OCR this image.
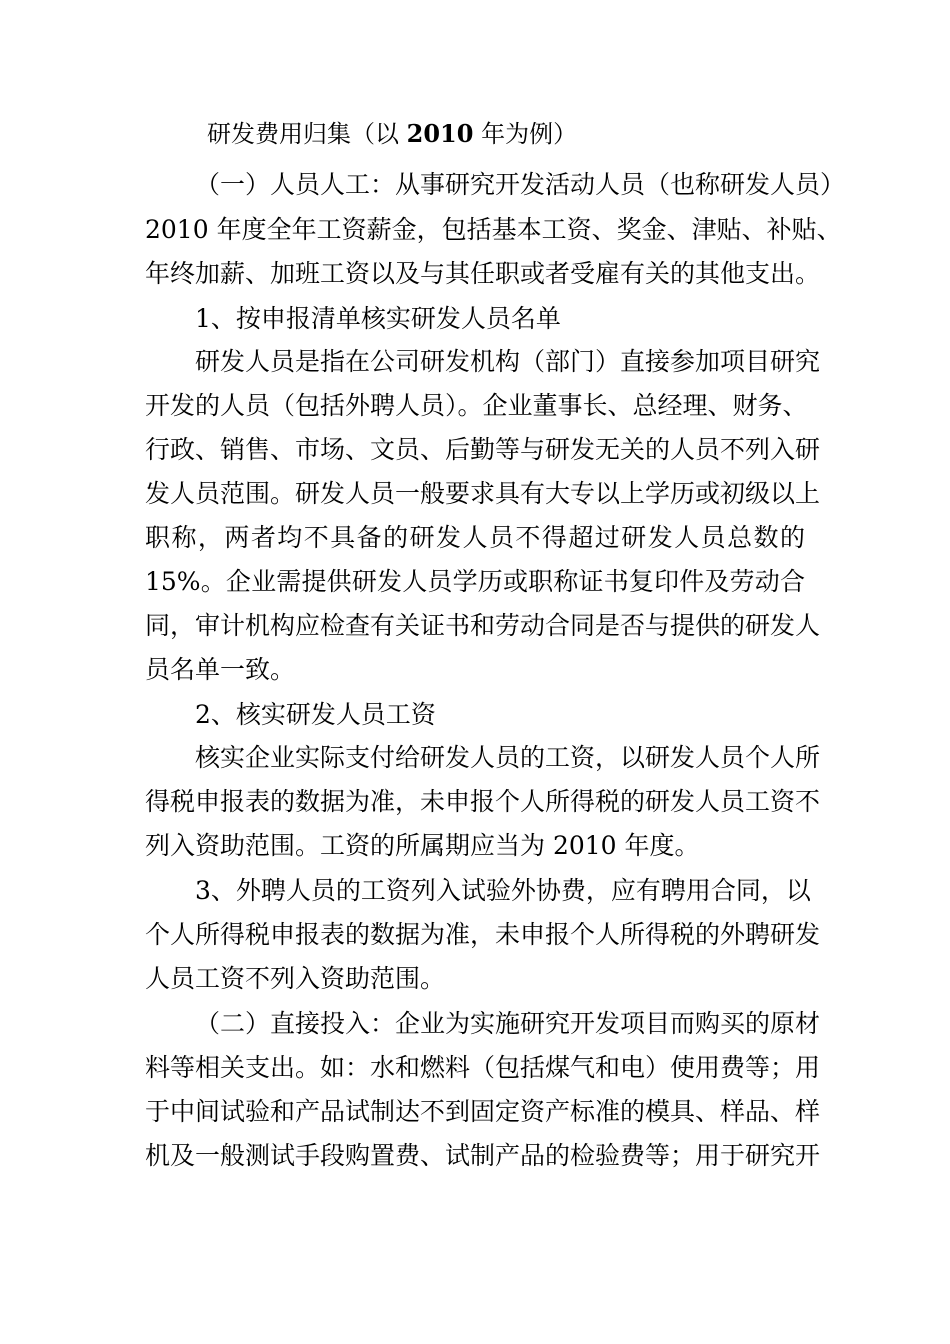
研发费用归集（以 2010 年为例）
（一）人员人工：从事研究开发活动人员（也称研发人员）
2010 年度全年工资薪金，包括基本工资、奖金、津贴、补贴、
年终加薪、加班工资以及与其任职或者受雇有关的其他支出。
1、按申报清单核实研发人员名单
研发人员是指在公司研发机构（部门）直接参加项目研究
开发的人员（包括外聘人员）。企业董事长、总经理、财务、
行政、销售、市场、文员、后勤等与研发无关的人员不列入研
发人员范围。研发人员一般要求具有大专以上学历或初级以上
职称，两者均不具备的研发人员不得超过研发人员总数的
15%。企业需提供研发人员学历或职称证书复印件及劳动合
同，审计机构应检查有关证书和劳动合同是否与提供的研发人
员名单一致。
2、核实研发人员工资
核实企业实际支付给研发人员的工资，以研发人员个人所
得税申报表的数据为准，未申报个人所得税的研发人员工资不
列入资助范围。工资的所属期应当为 2010 年度。
3、外聘人员的工资列入试验外协费，应有聘用合同，以
个人所得税申报表的数据为准，未申报个人所得税的外聘研发
人员工资不列入资助范围。
（二）直接投入：企业为实施研究开发项目而购买的原材
料等相关支出。如：水和燃料（包括煤气和电）使用费等；用
于中间试验和产品试制达不到固定资产标准的模具、样品、样
机及一般测试手段购置费、试制产品的检验费等；用于研究开
